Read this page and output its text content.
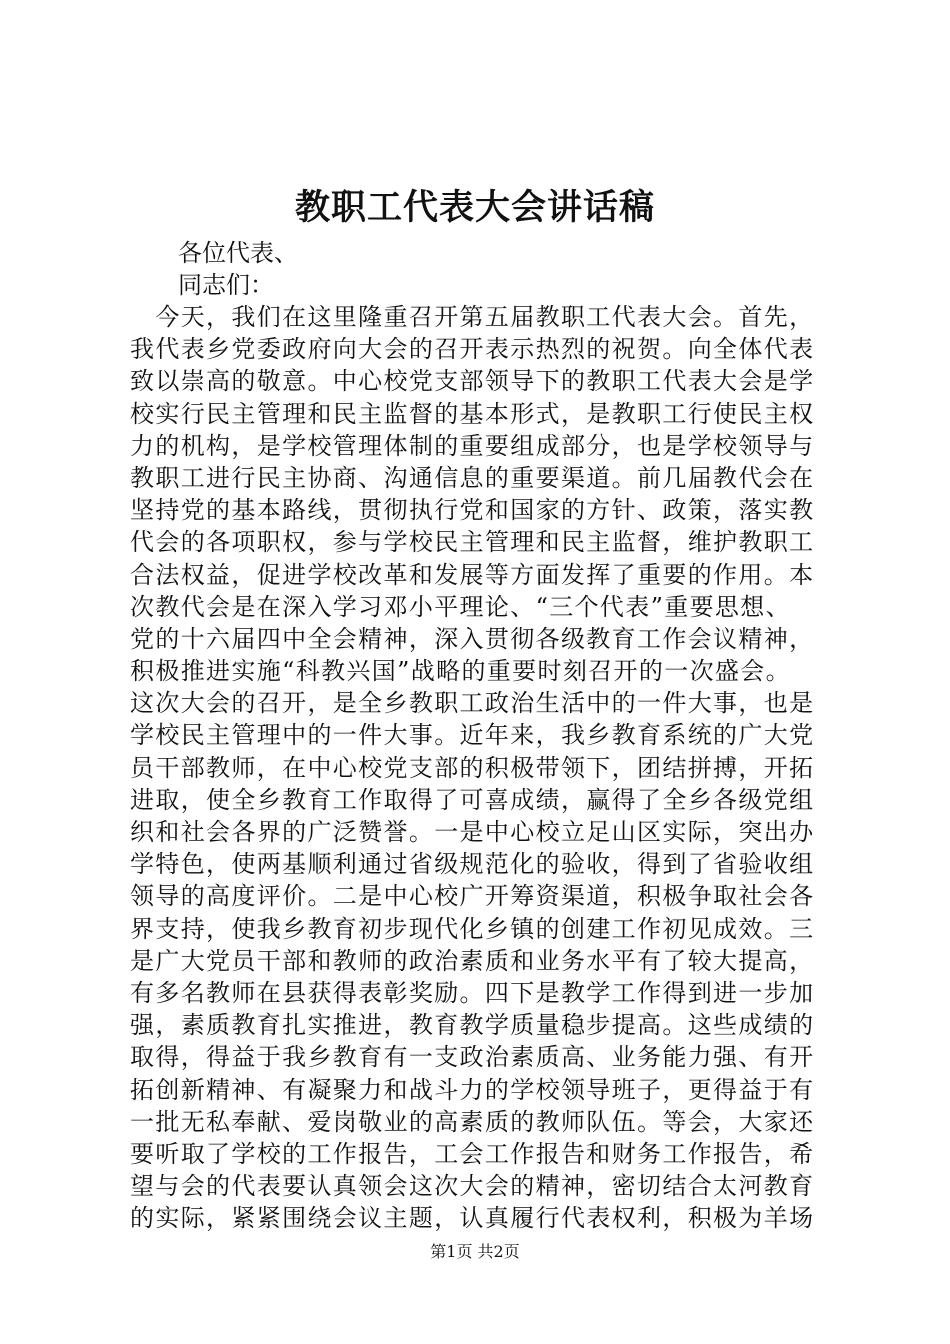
教职工代表大会讲话稿

各位代表、

同志们：

　今天，我们在这里隆重召开第五届教职工代表大会。首先，
我代表乡党委政府向大会的召开表示热烈的祝贺。向全体代表
致以崇高的敬意。中心校党支部领导下的教职工代表大会是学
校实行民主管理和民主监督的基本形式，是教职工行使民主权
力的机构，是学校管理体制的重要组成部分，也是学校领导与
教职工进行民主协商、沟通信息的重要渠道。前几届教代会在
坚持党的基本路线，贯彻执行党和国家的方针、政策，落实教
代会的各项职权，参与学校民主管理和民主监督，维护教职工
合法权益，促进学校改革和发展等方面发挥了重要的作用。本
次教代会是在深入学习邓小平理论、“三个代表”重要思想、
党的十六届四中全会精神，深入贯彻各级教育工作会议精神，
积极推进实施“科教兴国”战略的重要时刻召开的一次盛会。
这次大会的召开，是全乡教职工政治生活中的一件大事，也是
学校民主管理中的一件大事。近年来，我乡教育系统的广大党
员干部教师，在中心校党支部的积极带领下，团结拼搏，开拓
进取，使全乡教育工作取得了可喜成绩，赢得了全乡各级党组
织和社会各界的广泛赞誉。一是中心校立足山区实际，突出办
学特色，使两基顺利通过省级规范化的验收，得到了省验收组
领导的高度评价。二是中心校广开筹资渠道，积极争取社会各
界支持，使我乡教育初步现代化乡镇的创建工作初见成效。三
是广大党员干部和教师的政治素质和业务水平有了较大提高，
有多名教师在县获得表彰奖励。四下是教学工作得到进一步加
强，素质教育扎实推进，教育教学质量稳步提高。这些成绩的
取得，得益于我乡教育有一支政治素质高、业务能力强、有开
拓创新精神、有凝聚力和战斗力的学校领导班子，更得益于有
一批无私奉献、爱岗敬业的高素质的教师队伍。等会，大家还
要听取了学校的工作报告，工会工作报告和财务工作报告，希
望与会的代表要认真领会这次大会的精神，密切结合太河教育
的实际，紧紧围绕会议主题，认真履行代表权利，积极为羊场

第1页 共2页
